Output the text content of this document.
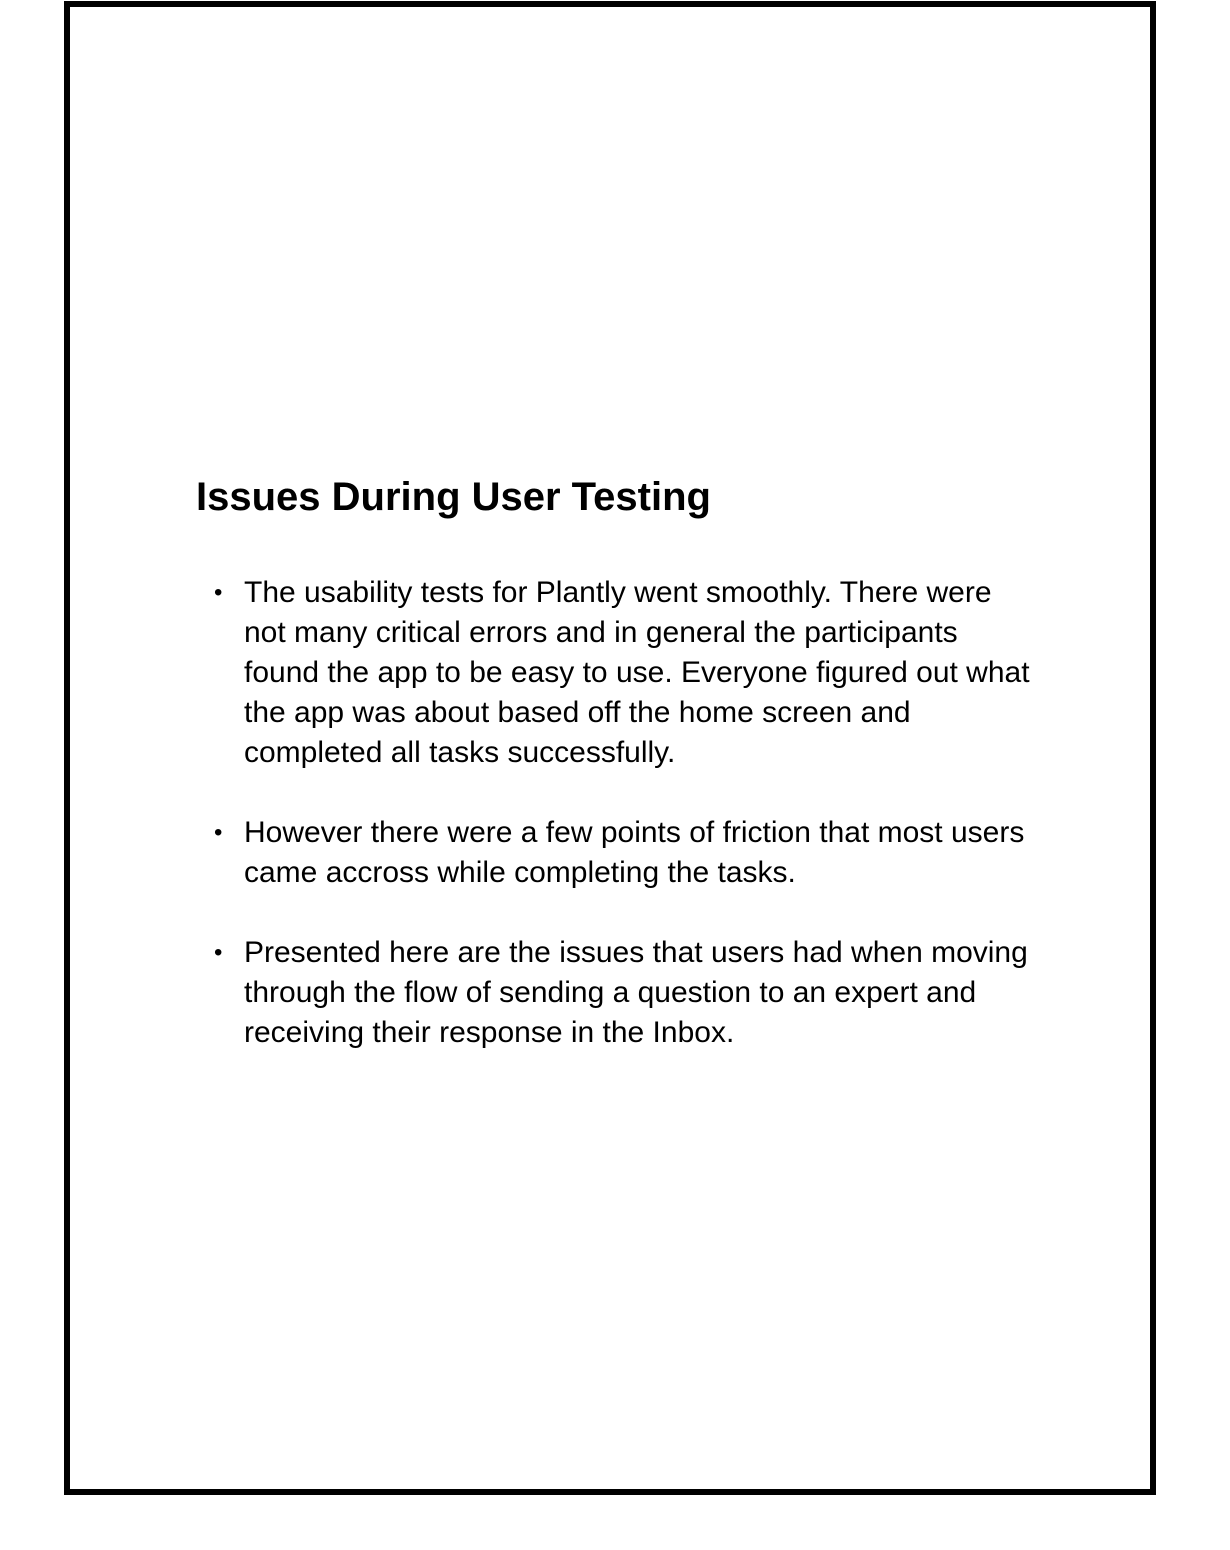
Issues During User Testing
• The usability tests for Plantly went smoothly. There were not many critical errors and in general the participants found the app to be easy to use. Everyone figured out what the app was about based off the home screen and completed all tasks successfully.
• However there were a few points of friction that most users came accross while completing the tasks.
• Presented here are the issues that users had when moving through the flow of sending a question to an expert and receiving their response in the Inbox.
